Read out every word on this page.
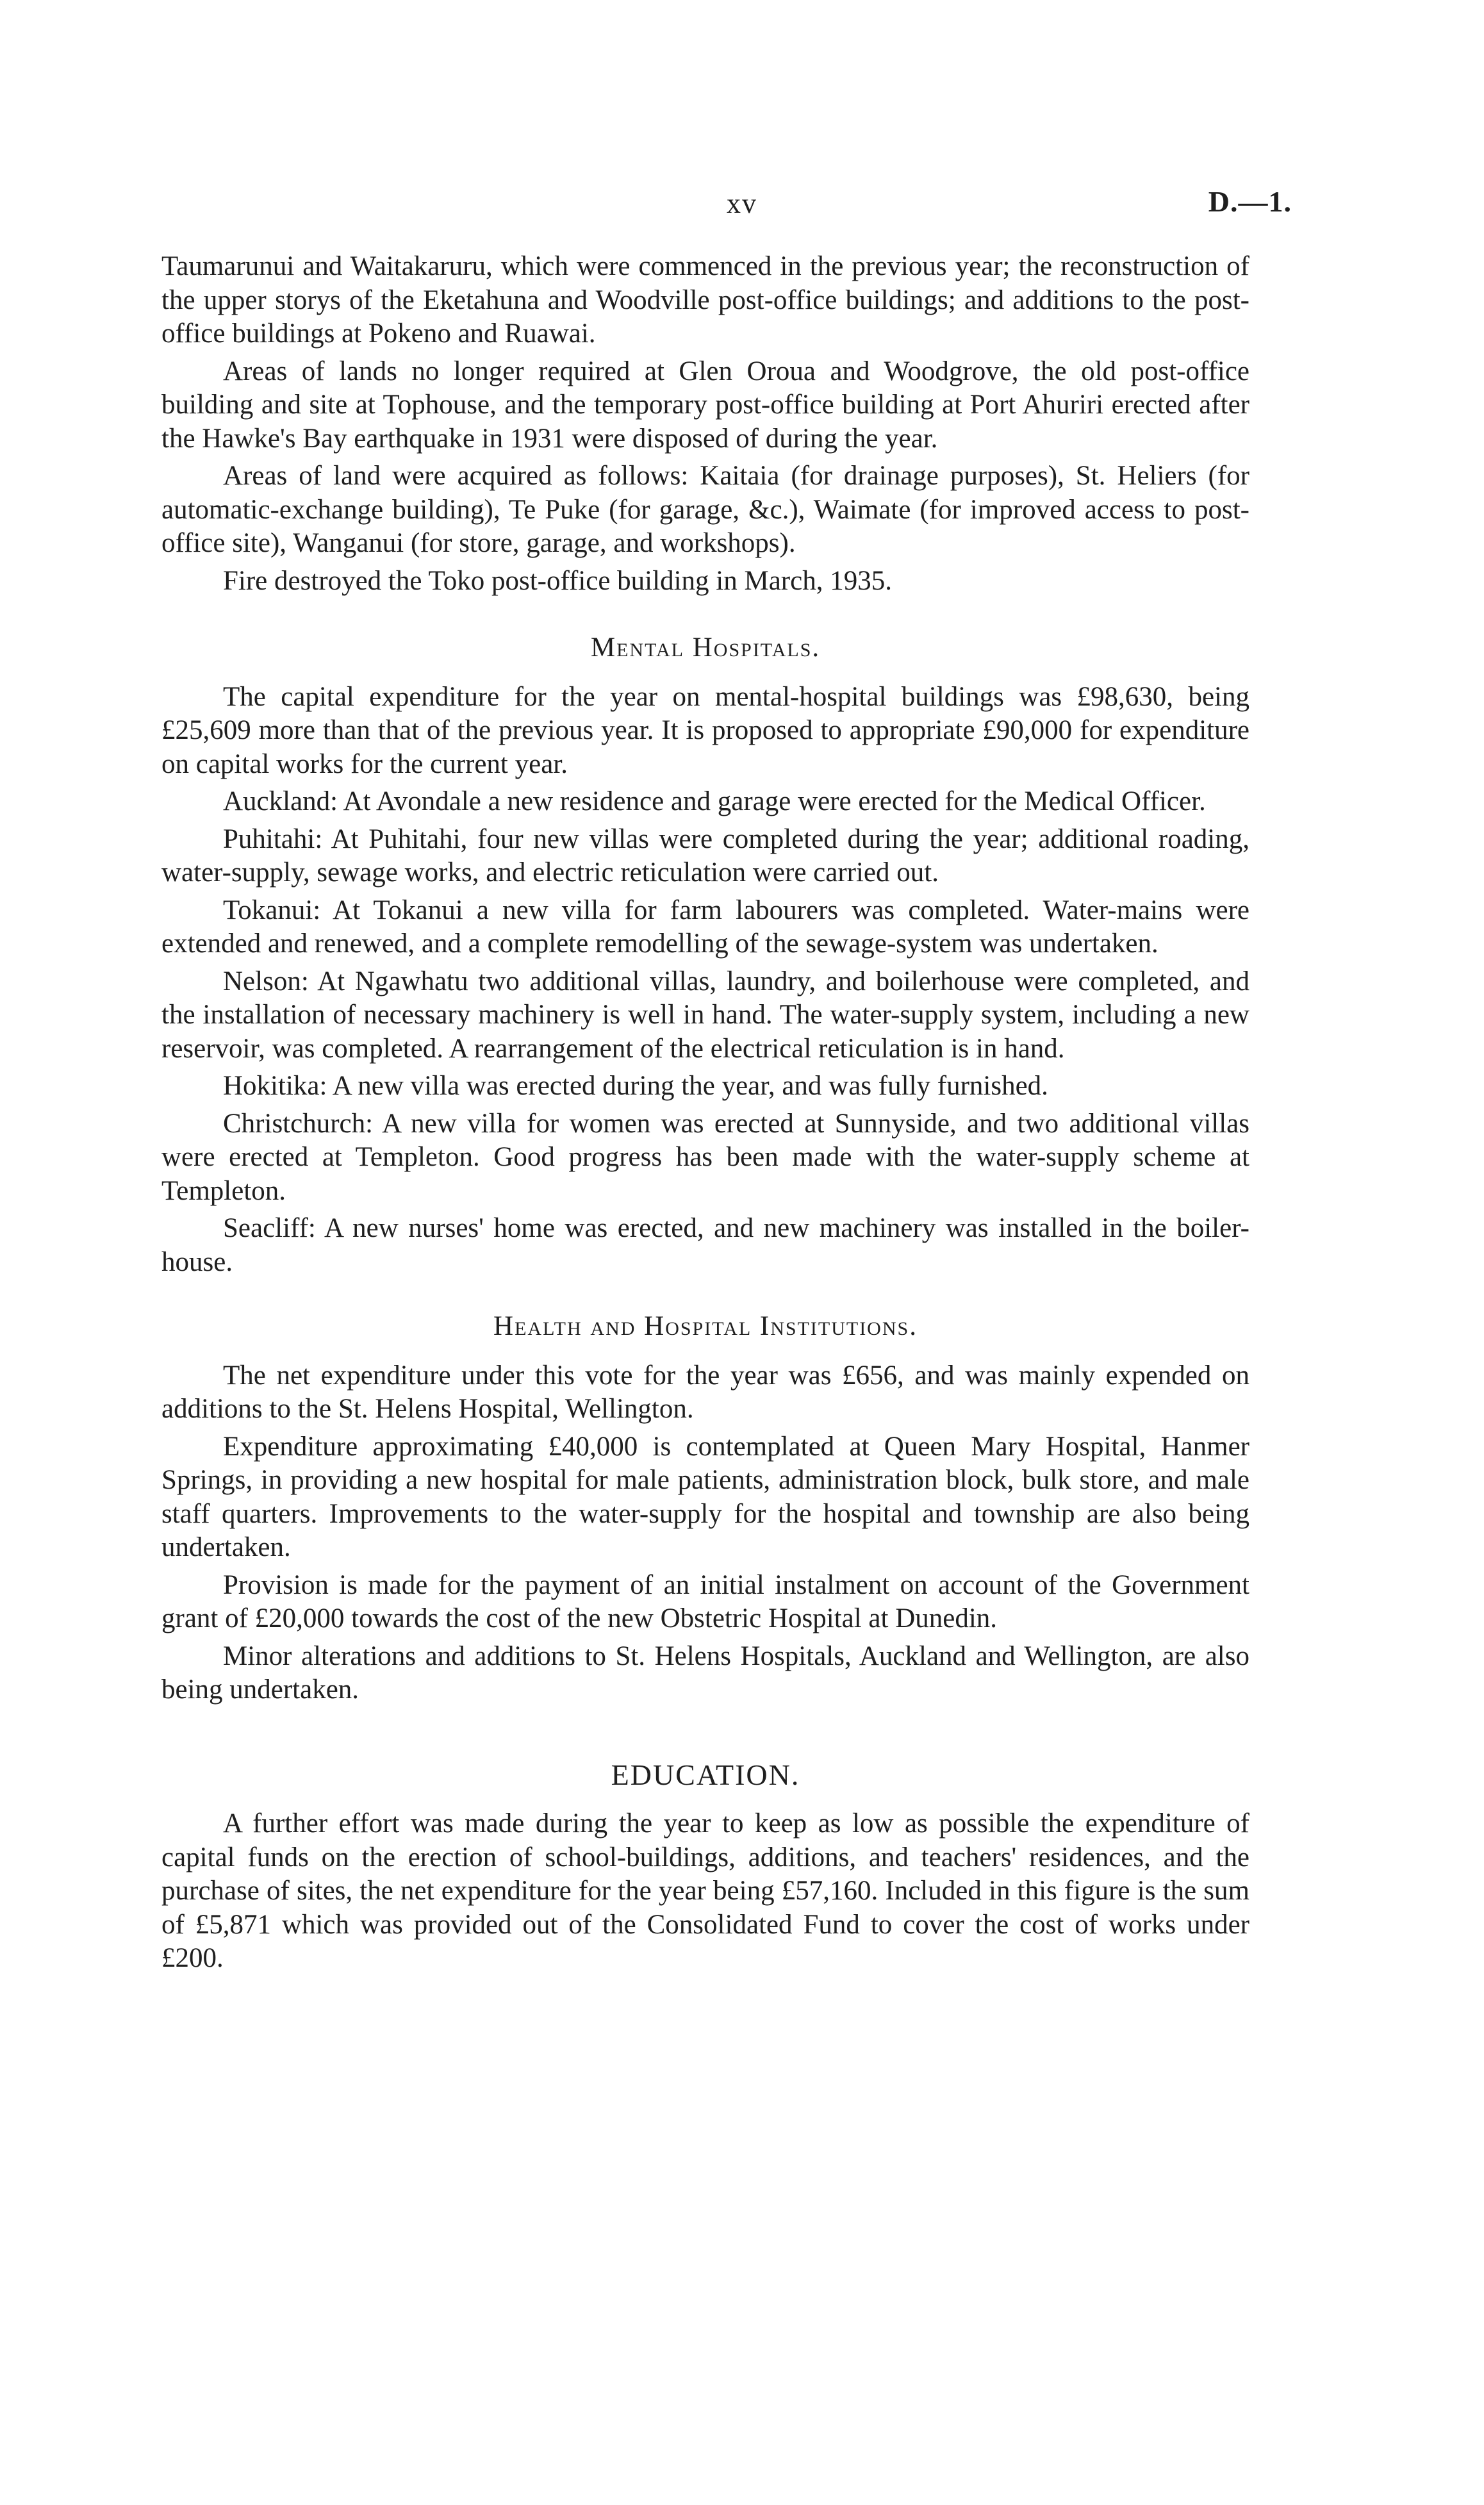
xv	D.—1.

Taumarunui and Waitakaruru, which were commenced in the previous year; the reconstruction of the upper storys of the Eketahuna and Woodville post-office buildings; and additions to the post-office buildings at Pokeno and Ruawai.

Areas of lands no longer required at Glen Oroua and Woodgrove, the old post-office building and site at Tophouse, and the temporary post-office building at Port Ahuriri erected after the Hawke's Bay earthquake in 1931 were disposed of during the year.

Areas of land were acquired as follows: Kaitaia (for drainage purposes), St. Heliers (for automatic-exchange building), Te Puke (for garage, &c.), Waimate (for improved access to post-office site), Wanganui (for store, garage, and workshops).

Fire destroyed the Toko post-office building in March, 1935.

Mental Hospitals.

The capital expenditure for the year on mental-hospital buildings was £98,630, being £25,609 more than that of the previous year. It is proposed to appropriate £90,000 for expenditure on capital works for the current year.

Auckland: At Avondale a new residence and garage were erected for the Medical Officer.

Puhitahi: At Puhitahi, four new villas were completed during the year; additional roading, water-supply, sewage works, and electric reticulation were carried out.

Tokanui: At Tokanui a new villa for farm labourers was completed. Water-mains were extended and renewed, and a complete remodelling of the sewage-system was undertaken.

Nelson: At Ngawhatu two additional villas, laundry, and boilerhouse were completed, and the installation of necessary machinery is well in hand. The water-supply system, including a new reservoir, was completed. A rearrangement of the electrical reticulation is in hand.

Hokitika: A new villa was erected during the year, and was fully furnished.

Christchurch: A new villa for women was erected at Sunnyside, and two additional villas were erected at Templeton. Good progress has been made with the water-supply scheme at Templeton.

Seacliff: A new nurses' home was erected, and new machinery was installed in the boiler-house.

Health and Hospital Institutions.

The net expenditure under this vote for the year was £656, and was mainly expended on additions to the St. Helens Hospital, Wellington.

Expenditure approximating £40,000 is contemplated at Queen Mary Hospital, Hanmer Springs, in providing a new hospital for male patients, administration block, bulk store, and male staff quarters. Improvements to the water-supply for the hospital and township are also being undertaken.

Provision is made for the payment of an initial instalment on account of the Government grant of £20,000 towards the cost of the new Obstetric Hospital at Dunedin.

Minor alterations and additions to St. Helens Hospitals, Auckland and Wellington, are also being undertaken.

EDUCATION.

A further effort was made during the year to keep as low as possible the expenditure of capital funds on the erection of school-buildings, additions, and teachers' residences, and the purchase of sites, the net expenditure for the year being £57,160. Included in this figure is the sum of £5,871 which was provided out of the Consolidated Fund to cover the cost of works under £200.
